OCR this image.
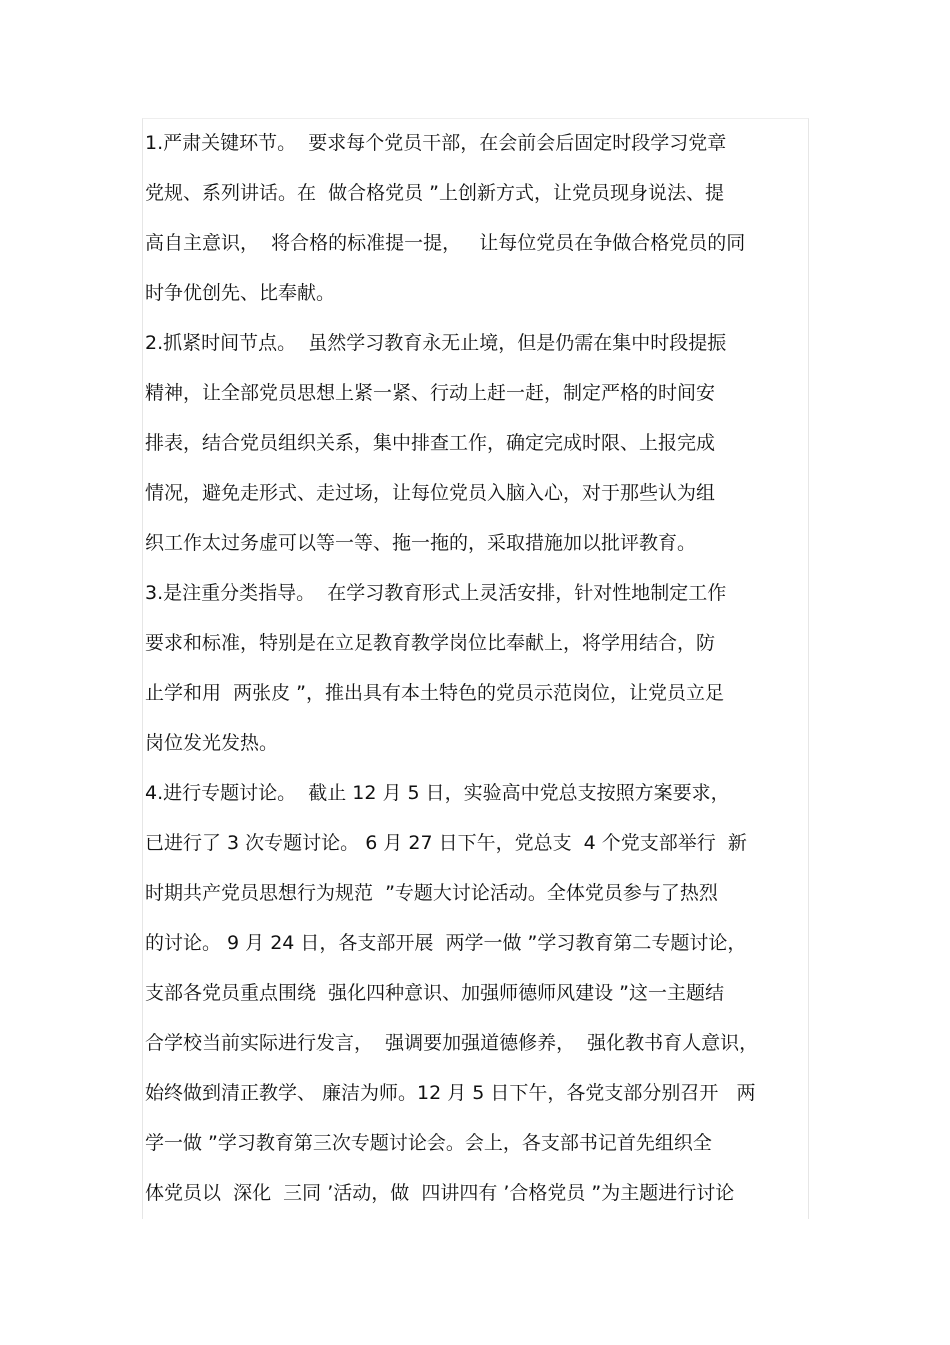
1.严肃关键环节。  要求每个党员干部，在会前会后固定时段学习党章
党规、系列讲话。在  做合格党员 ”上创新方式，让党员现身说法、提
高自主意识，  将合格的标准提一提，   让每位党员在争做合格党员的同
时争优创先、比奉献。
2.抓紧时间节点。  虽然学习教育永无止境，但是仍需在集中时段提振
精神，让全部党员思想上紧一紧、行动上赶一赶，制定严格的时间安
排表，结合党员组织关系，集中排查工作，确定完成时限、上报完成
情况，避免走形式、走过场，让每位党员入脑入心，对于那些认为组
织工作太过务虚可以等一等、拖一拖的，采取措施加以批评教育。
3.是注重分类指导。  在学习教育形式上灵活安排，针对性地制定工作
要求和标准，特别是在立足教育教学岗位比奉献上，将学用结合，防
止学和用  两张皮 ”，推出具有本土特色的党员示范岗位，让党员立足
岗位发光发热。
4.进行专题讨论。  截止 12 月 5 日，实验高中党总支按照方案要求，
已进行了 3 次专题讨论。 6 月 27 日下午，党总支  4 个党支部举行  新
时期共产党员思想行为规范  ”专题大讨论活动。全体党员参与了热烈
的讨论。 9 月 24 日，各支部开展  两学一做 ”学习教育第二专题讨论，
支部各党员重点围绕  强化四种意识、加强师德师风建设 ”这一主题结
合学校当前实际进行发言，  强调要加强道德修养，  强化教书育人意识，
始终做到清正教学、 廉洁为师。12 月 5 日下午，各党支部分别召开   两
学一做 ”学习教育第三次专题讨论会。会上，各支部书记首先组织全
体党员以  深化  三同 ’活动，做  四讲四有 ’合格党员 ”为主题进行讨论
